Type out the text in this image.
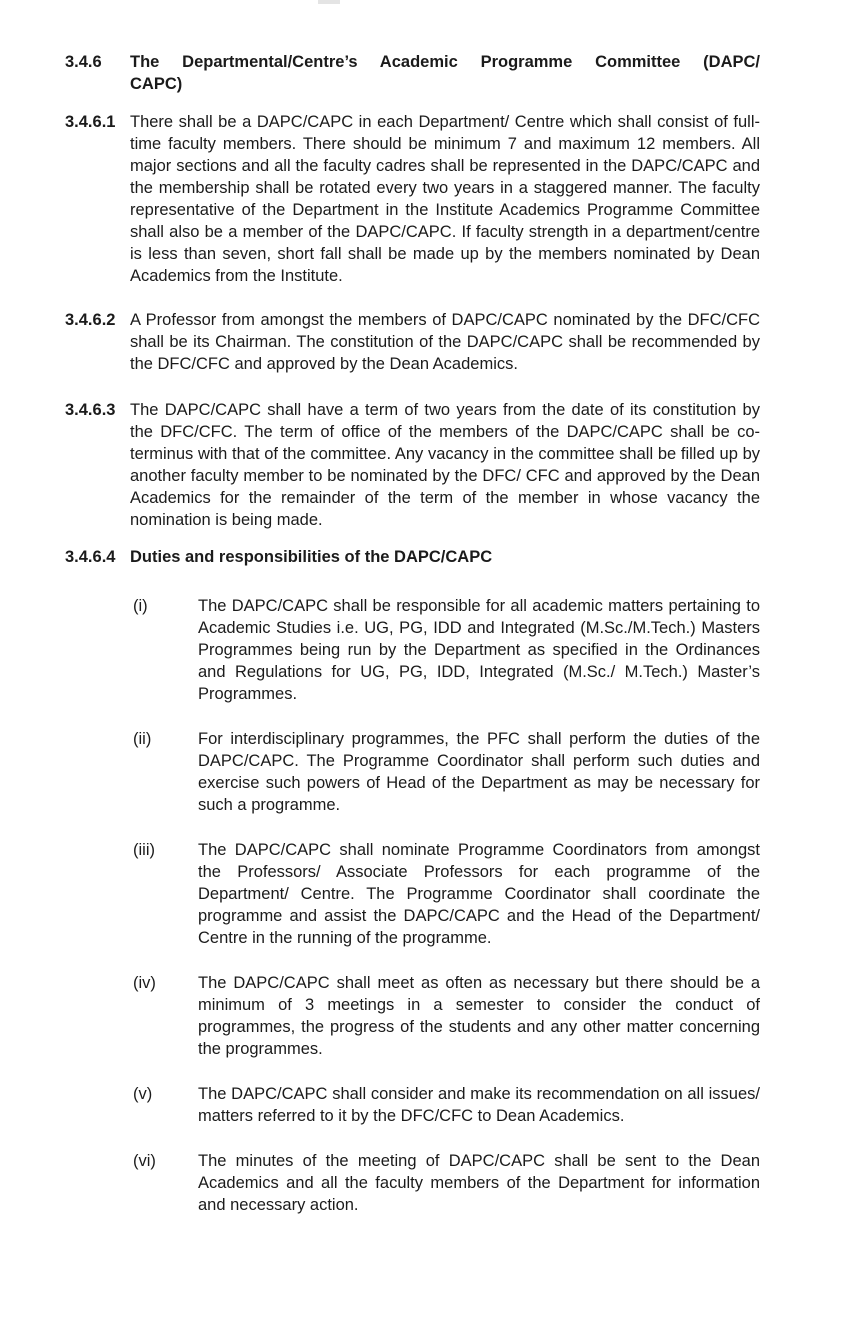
3.4.6	The Departmental/Centre’s Academic Programme Committee (DAPC/
CAPC)
3.4.6.1 There shall be a DAPC/CAPC in each Department/ Centre which shall consist of full-time faculty members. There should be minimum 7 and maximum 12 members. All major sections and all the faculty cadres shall be represented in the DAPC/CAPC and the membership shall be rotated every two years in a staggered manner. The faculty representative of the Department in the Institute Academics Programme Committee shall also be a member of the DAPC/CAPC. If faculty strength in a department/centre is less than seven, short fall shall be made up by the members nominated by Dean Academics from the Institute.
3.4.6.2 A Professor from amongst the members of DAPC/CAPC nominated by the DFC/CFC shall be its Chairman. The constitution of the DAPC/CAPC shall be recommended by the DFC/CFC and approved by the Dean Academics.
3.4.6.3 The DAPC/CAPC shall have a term of two years from the date of its constitution by the DFC/CFC. The term of office of the members of the DAPC/CAPC shall be co-terminus with that of the committee. Any vacancy in the committee shall be filled up by another faculty member to be nominated by the DFC/ CFC and approved by the Dean Academics for the remainder of the term of the member in whose vacancy the nomination is being made.
3.4.6.4 Duties and responsibilities of the DAPC/CAPC
(i)	The DAPC/CAPC shall be responsible for all academic matters pertaining to Academic Studies i.e. UG, PG, IDD and Integrated (M.Sc./M.Tech.) Masters Programmes being run by the Department as specified in the Ordinances and Regulations for UG, PG, IDD, Integrated (M.Sc./ M.Tech.) Master’s Programmes.
(ii)	For interdisciplinary programmes, the PFC shall perform the duties of the DAPC/CAPC. The Programme Coordinator shall perform such duties and exercise such powers of Head of the Department as may be necessary for such a programme.
(iii)	The DAPC/CAPC shall nominate Programme Coordinators from amongst the Professors/ Associate Professors for each programme of the Department/ Centre. The Programme Coordinator shall coordinate the programme and assist the DAPC/CAPC and the Head of the Department/ Centre in the running of the programme.
(iv)	The DAPC/CAPC shall meet as often as necessary but there should be a minimum of 3 meetings in a semester to consider the conduct of programmes, the progress of the students and any other matter concerning the programmes.
(v)	The DAPC/CAPC shall consider and make its recommendation on all issues/ matters referred to it by the DFC/CFC to Dean Academics.
(vi)	The minutes of the meeting of DAPC/CAPC shall be sent to the Dean Academics and all the faculty members of the Department for information and necessary action.
